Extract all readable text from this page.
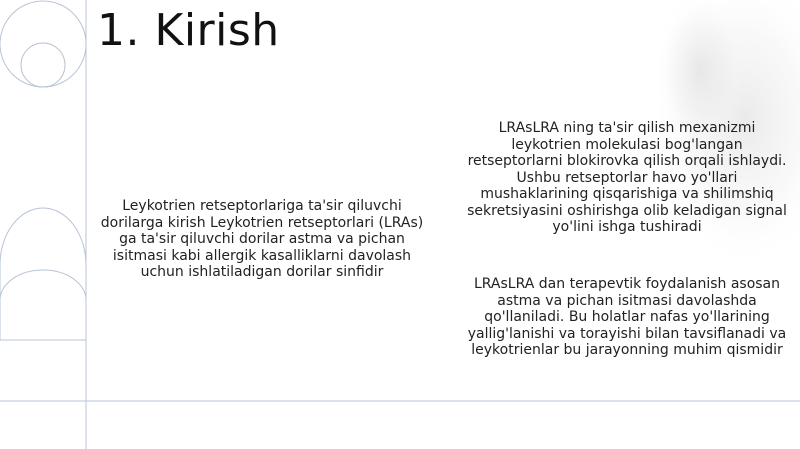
1. Kirish

Leykotrien retseptorlariga ta'sir qiluvchi dorilarga kirish Leykotrien retseptorlari (LRAs) ga ta'sir qiluvchi dorilar astma va pichan isitmasi kabi allergik kasalliklarni davolash uchun ishlatiladigan dorilar sinfidir

LRAsLRA ning ta'sir qilish mexanizmi leykotrien molekulasi bog'langan retseptorlarni blokirovka qilish orqali ishlaydi. Ushbu retseptorlar havo yo'llari mushaklarining qisqarishiga va shilimshiq sekretsiyasini oshirishga olib keladigan signal yo'lini ishga tushiradi

LRAsLRA dan terapevtik foydalanish asosan astma va pichan isitmasi davolashda qo'llaniladi. Bu holatlar nafas yo'llarining yallig'lanishi va torayishi bilan tavsiflanadi va leykotrienlar bu jarayonning muhim qismidir
